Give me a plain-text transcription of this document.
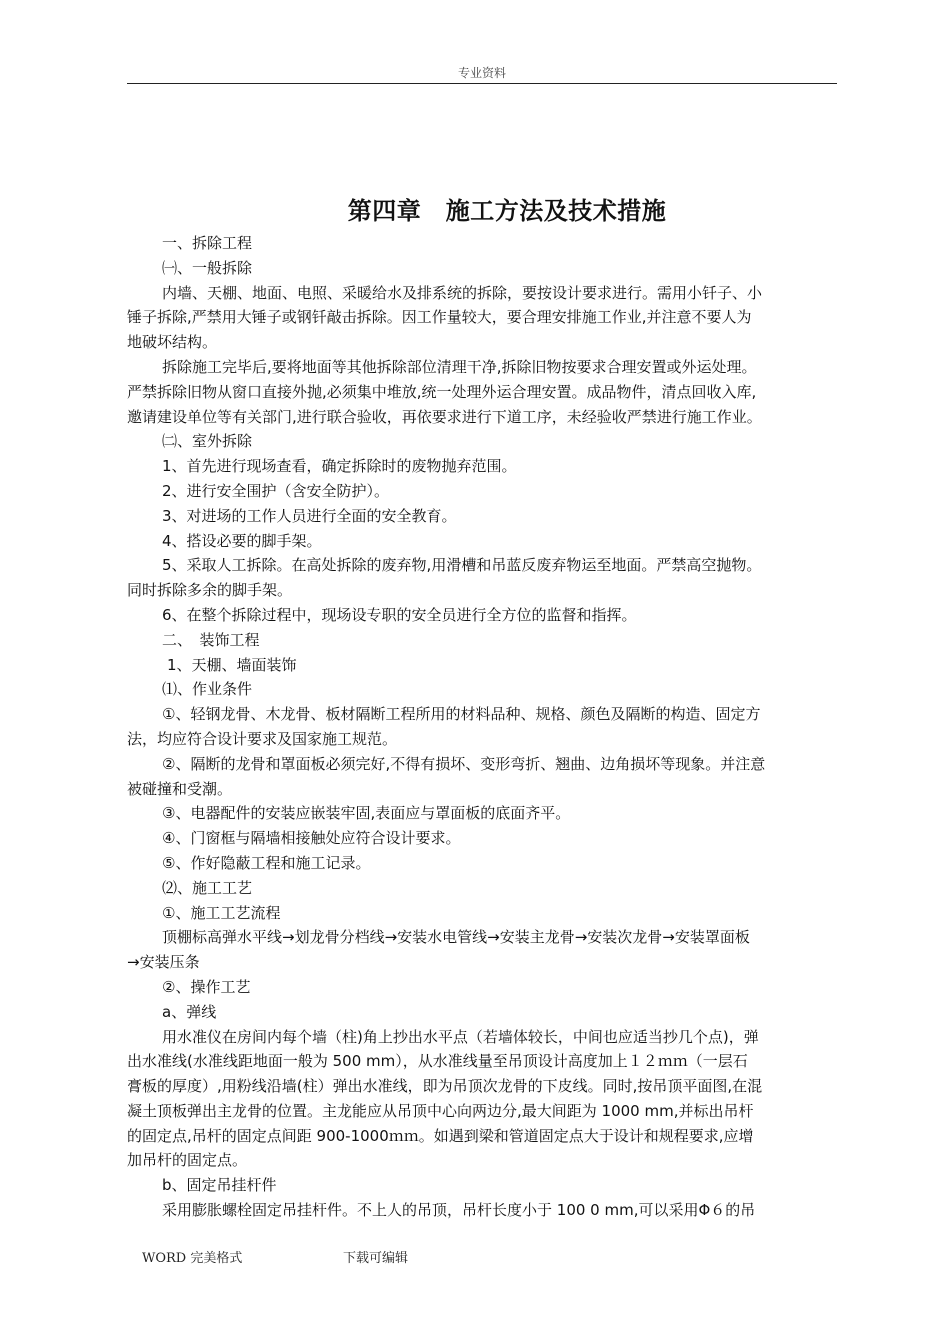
专业资料
第四章　施工方法及技术措施

一、拆除工程

㈠、一般拆除

内墙、天棚、地面、电照、采暖给水及排系统的拆除，要按设计要求进行。需用小钎子、小

锤子拆除,严禁用大锤子或钢钎敲击拆除。因工作量较大，要合理安排施工作业,并注意不要人为

地破坏结构。

拆除施工完毕后,要将地面等其他拆除部位清理干净,拆除旧物按要求合理安置或外运处理。

严禁拆除旧物从窗口直接外抛,必须集中堆放,统一处理外运合理安置。成品物件，清点回收入库,

邀请建设单位等有关部门,进行联合验收，再依要求进行下道工序，未经验收严禁进行施工作业。

㈡、室外拆除

1、首先进行现场查看，确定拆除时的废物抛弃范围。

2、进行安全围护（含安全防护）。

3、对进场的工作人员进行全面的安全教育。

4、搭设必要的脚手架。

5、采取人工拆除。在高处拆除的废弃物,用滑槽和吊蓝反废弃物运至地面。严禁高空抛物。

同时拆除多余的脚手架。

6、在整个拆除过程中，现场设专职的安全员进行全方位的监督和指挥。

二、　装饰工程

1、天棚、墙面装饰

⑴、作业条件

①、轻钢龙骨、木龙骨、板材隔断工程所用的材料品种、规格、颜色及隔断的构造、固定方

法，均应符合设计要求及国家施工规范。

②、隔断的龙骨和罩面板必须完好,不得有损坏、变形弯折、翘曲、边角损坏等现象。并注意

被碰撞和受潮。

③、电器配件的安装应嵌装牢固,表面应与罩面板的底面齐平。

④、门窗框与隔墙相接触处应符合设计要求。

⑤、作好隐蔽工程和施工记录。

⑵、施工工艺

①、施工工艺流程

顶棚标高弹水平线→划龙骨分档线→安装水电管线→安装主龙骨→安装次龙骨→安装罩面板

→安装压条

②、操作工艺

a、弹线

用水准仪在房间内每个墙（柱)角上抄出水平点（若墙体较长，中间也应适当抄几个点)，弹

出水准线(水准线距地面一般为 500 mm），从水准线量至吊顶设计高度加上１２ｍｍ（一层石

膏板的厚度）,用粉线沿墙(柱）弹出水准线，即为吊顶次龙骨的下皮线。同时,按吊顶平面图,在混

凝土顶板弹出主龙骨的位置。主龙能应从吊顶中心向两边分,最大间距为 1000 mm,并标出吊杆

的固定点,吊杆的固定点间距 900-1000ｍｍ。如遇到梁和管道固定点大于设计和规程要求,应增

加吊杆的固定点。

b、固定吊挂杆件

采用膨胀螺栓固定吊挂杆件。不上人的吊顶，吊杆长度小于 100 0 mm,可以采用Φ６的吊

WORD 完美格式	下载可编辑
